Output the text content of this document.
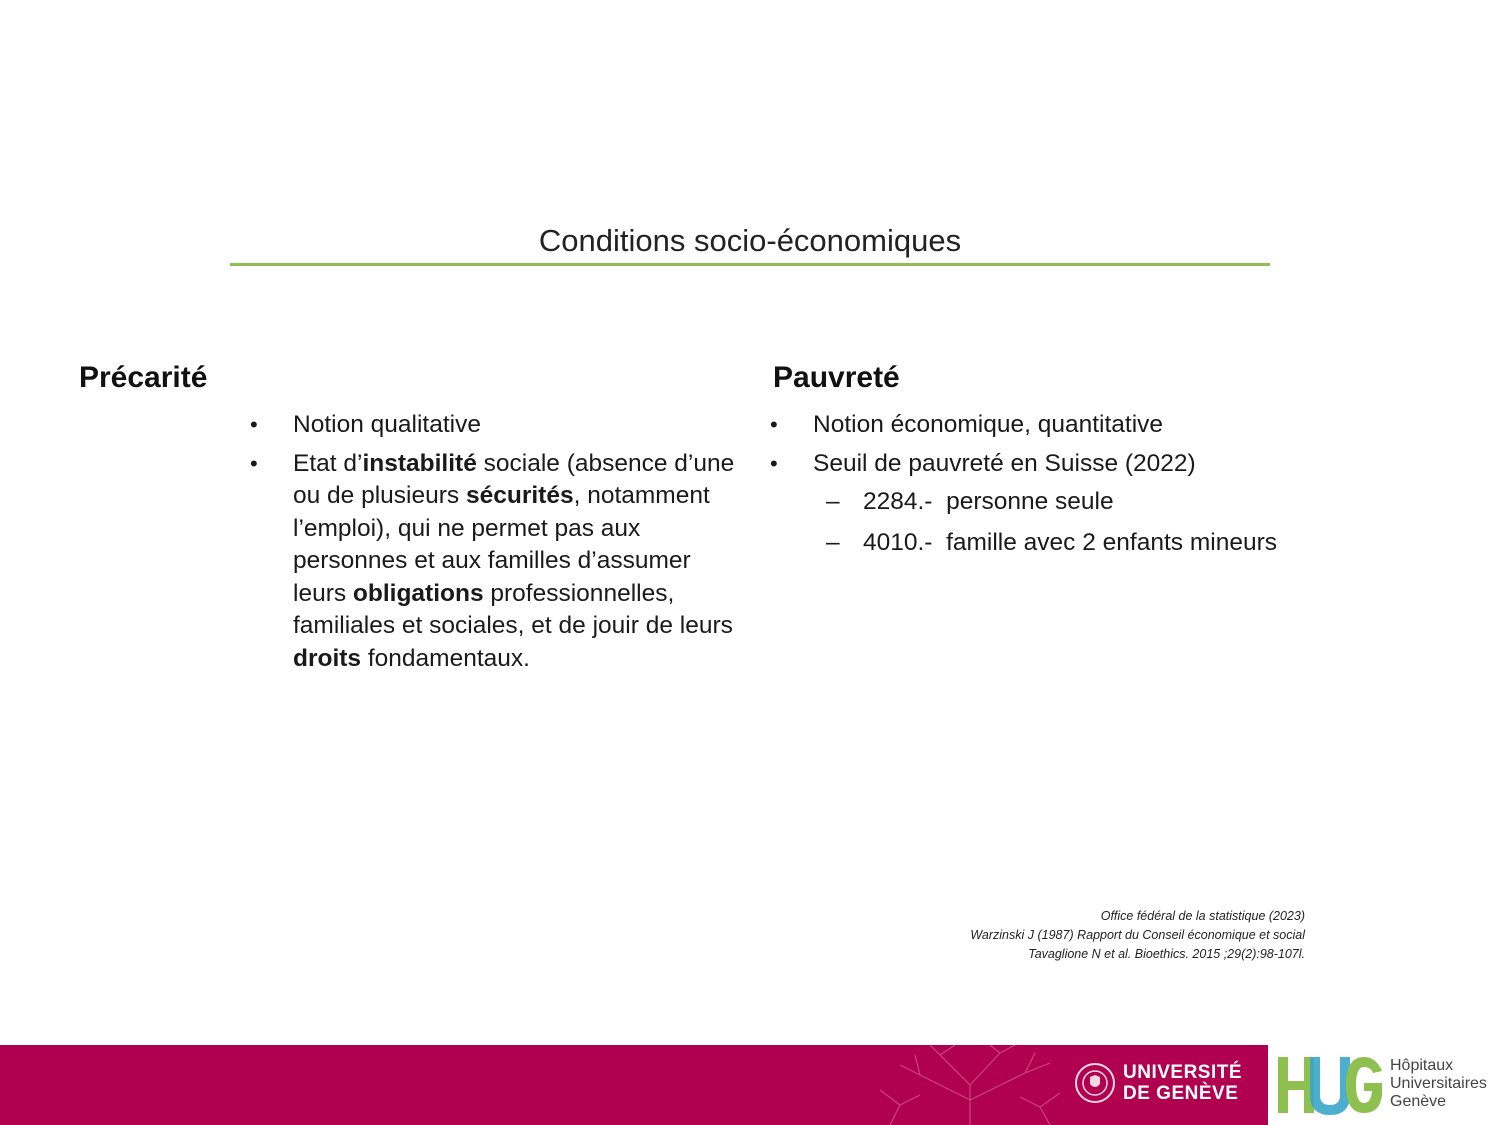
Conditions socio-économiques
Précarité
• Notion qualitative
• Etat d’instabilité sociale (absence d’une ou de plusieurs sécurités, notamment l’emploi), qui ne permet pas aux personnes et aux familles d’assumer leurs obligations professionnelles, familiales et sociales, et de jouir de leurs droits fondamentaux.
Pauvreté
• Notion économique, quantitative
• Seuil de pauvreté en Suisse (2022)
– 2284.-  personne seule
– 4010.-  famille avec 2 enfants mineurs
Office fédéral de la statistique (2023)
Warzinski J (1987) Rapport du Conseil économique et social
Tavaglione N et al. Bioethics. 2015 ;29(2):98-107l.
UNIVERSITÉ
DE GENÈVE
Hôpitaux
Universitaires
Genève
